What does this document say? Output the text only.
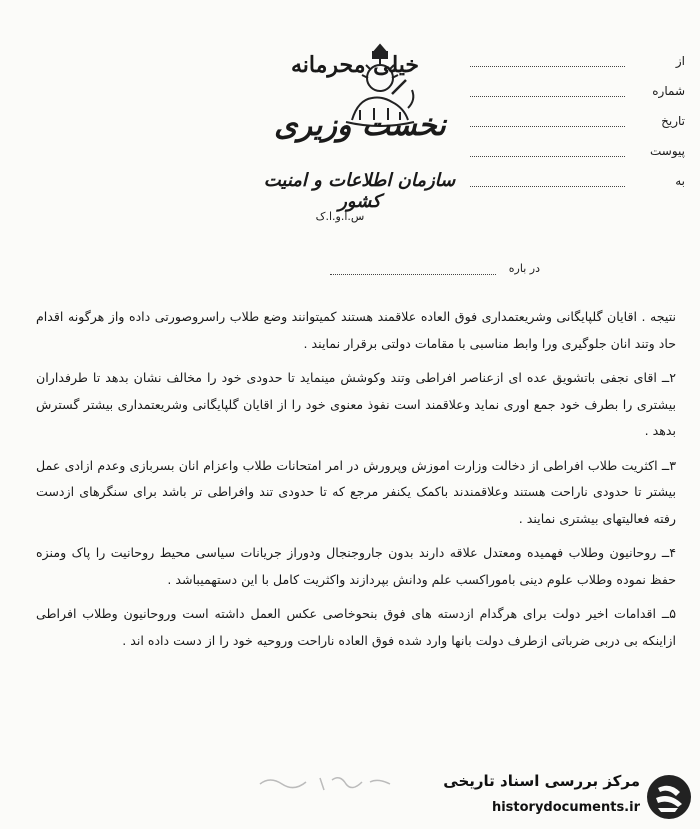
خیلی محرمانه
نخست وزیری
سازمان اطلاعات و امنیت کشور
س.ا.و.ا.ک
از
شماره
تاریخ
پیوست
به
در باره

نتیجه . اقایان گلپایگانی وشریعتمداری فوق العاده علاقمند هستند کمیتوانند وضع طلاب راسروصورتی داده واز هرگونه اقدام حاد وتند انان جلوگیری ورا وابط مناسبی با مقامات دولتی برقرار نمایند .

۲ــ اقای نجفی باتشویق عده ای ازعناصر افراطی وتند وکوشش مینماید تا حدودی خود را مخالف نشان بدهد تا طرفداران بیشتری را بطرف خود جمع اوری نماید وعلاقمند است نفوذ معنوی خود را از اقایان گلپایگانی وشریعتمداری بیشتر گسترش بدهد .

۳ــ اکثریت طلاب افراطی از دخالت وزارت اموزش وپرورش در امر امتحانات طلاب واعزام انان بسربازی وعدم ازادی عمل بیشتر تا حدودی ناراحت هستند وعلاقمندند باکمک یکنفر مرجع که تا حدودی تند وافراطی تر باشد برای سنگرهای ازدست رفته فعالیتهای بیشتری نمایند .

۴ــ روحانیون وطلاب فهمیده ومعتدل علاقه دارند بدون جاروجنجال ودوراز جریانات سیاسی محیط روحانیت را پاک ومنزه حفظ نموده وطلاب علوم دینی باموراکسب علم ودانش بپردازند واکثریت کامل با این دستهمیباشد .

۵ــ اقدامات اخیر دولت برای هرگدام ازدسته های فوق بنحوخاصی عکس العمل داشته است وروحانیون وطلاب افراطی ازاینکه بی دربی ضرباتی ازطرف دولت بانها وارد شده فوق العاده ناراحت وروحیه خود را از دست داده اند .

مرکز بررسی اسناد تاریخی
historydocuments.ir
